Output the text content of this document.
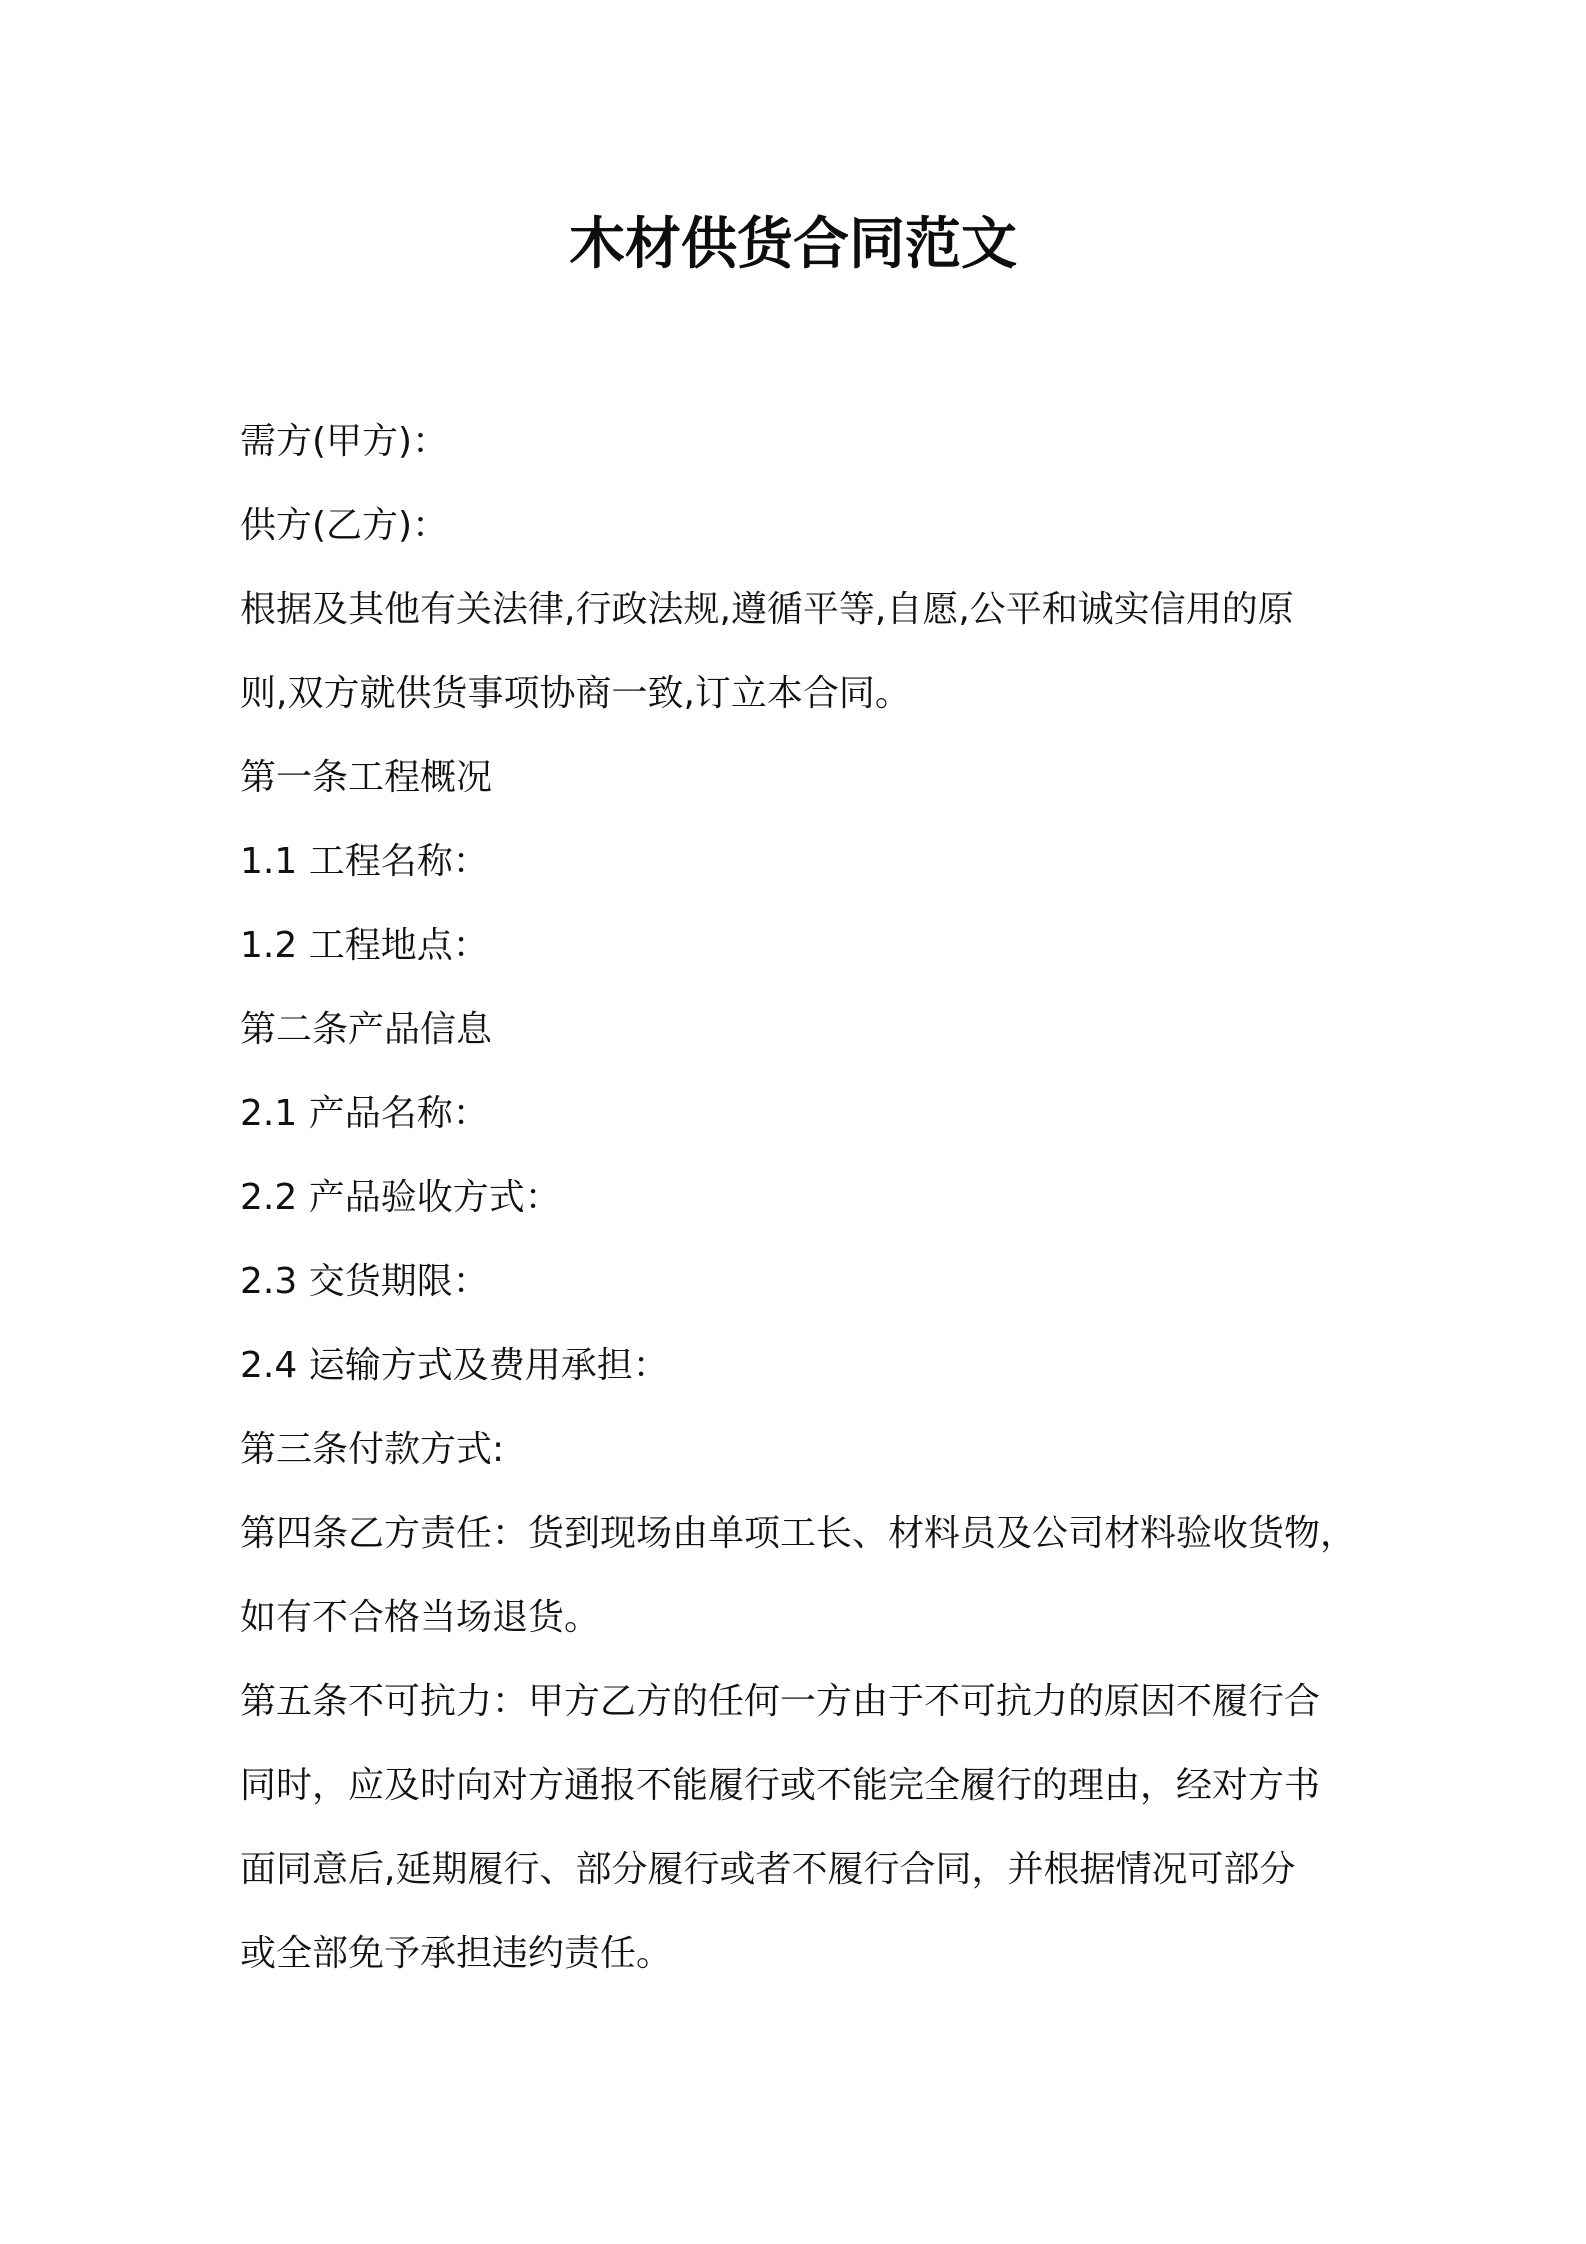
木材供货合同范文

需方(甲方)：

供方(乙方)：

根据及其他有关法律,行政法规,遵循平等,自愿,公平和诚实信用的原

则,双方就供货事项协商一致,订立本合同。

第一条工程概况

1.1 工程名称：

1.2 工程地点：

第二条产品信息

2.1 产品名称：

2.2 产品验收方式：

2.3 交货期限：

2.4 运输方式及费用承担：

第三条付款方式:

第四条乙方责任：货到现场由单项工长、材料员及公司材料验收货物，

如有不合格当场退货。

第五条不可抗力：甲方乙方的任何一方由于不可抗力的原因不履行合

同时，应及时向对方通报不能履行或不能完全履行的理由，经对方书

面同意后,延期履行、部分履行或者不履行合同，并根据情况可部分

或全部免予承担违约责任。
